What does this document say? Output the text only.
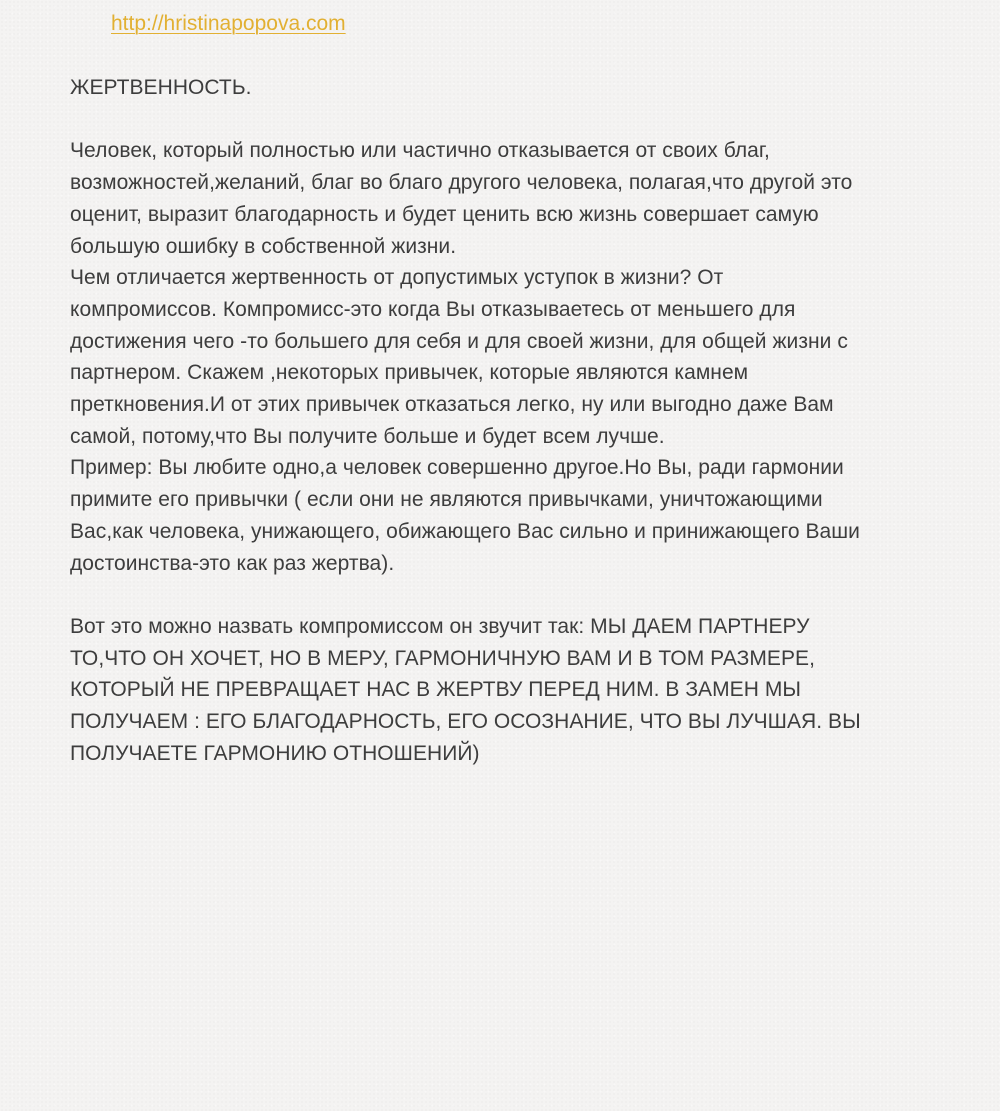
http://hristinapopova.com

ЖЕРТВЕННОСТЬ.

Человек, который полностью или частично отказывается от своих благ,

возможностей,желаний, благ во благо другого человека, полагая,что другой это

оценит, выразит благодарность и будет ценить всю жизнь совершает самую

большую ошибку в собственной жизни.

Чем отличается жертвенность от допустимых уступок в жизни? От

компромиссов. Компромисс-это когда Вы отказываетесь от меньшего для

достижения чего -то большего для себя и для своей жизни, для общей жизни с

партнером. Скажем ,некоторых привычек, которые являются камнем

преткновения.И от этих привычек отказаться легко, ну или выгодно даже Вам

самой, потому,что Вы получите больше и будет всем лучше.

Пример: Вы любите одно,а человек совершенно другое.Но Вы, ради гармонии

примите его привычки ( если они не являются привычками, уничтожающими

Вас,как человека, унижающего, обижающего Вас сильно и принижающего Ваши

достоинства-это как раз жертва).

Вот это можно назвать компромиссом он звучит так: МЫ ДАЕМ ПАРТНЕРУ

ТО,ЧТО ОН ХОЧЕТ, НО В МЕРУ, ГАРМОНИЧНУЮ ВАМ И В ТОМ РАЗМЕРЕ,

КОТОРЫЙ НЕ ПРЕВРАЩАЕТ НАС В ЖЕРТВУ ПЕРЕД НИМ. В ЗАМЕН МЫ

ПОЛУЧАЕМ : ЕГО БЛАГОДАРНОСТЬ, ЕГО ОСОЗНАНИЕ, ЧТО ВЫ ЛУЧШАЯ. ВЫ

ПОЛУЧАЕТЕ ГАРМОНИЮ ОТНОШЕНИЙ)
